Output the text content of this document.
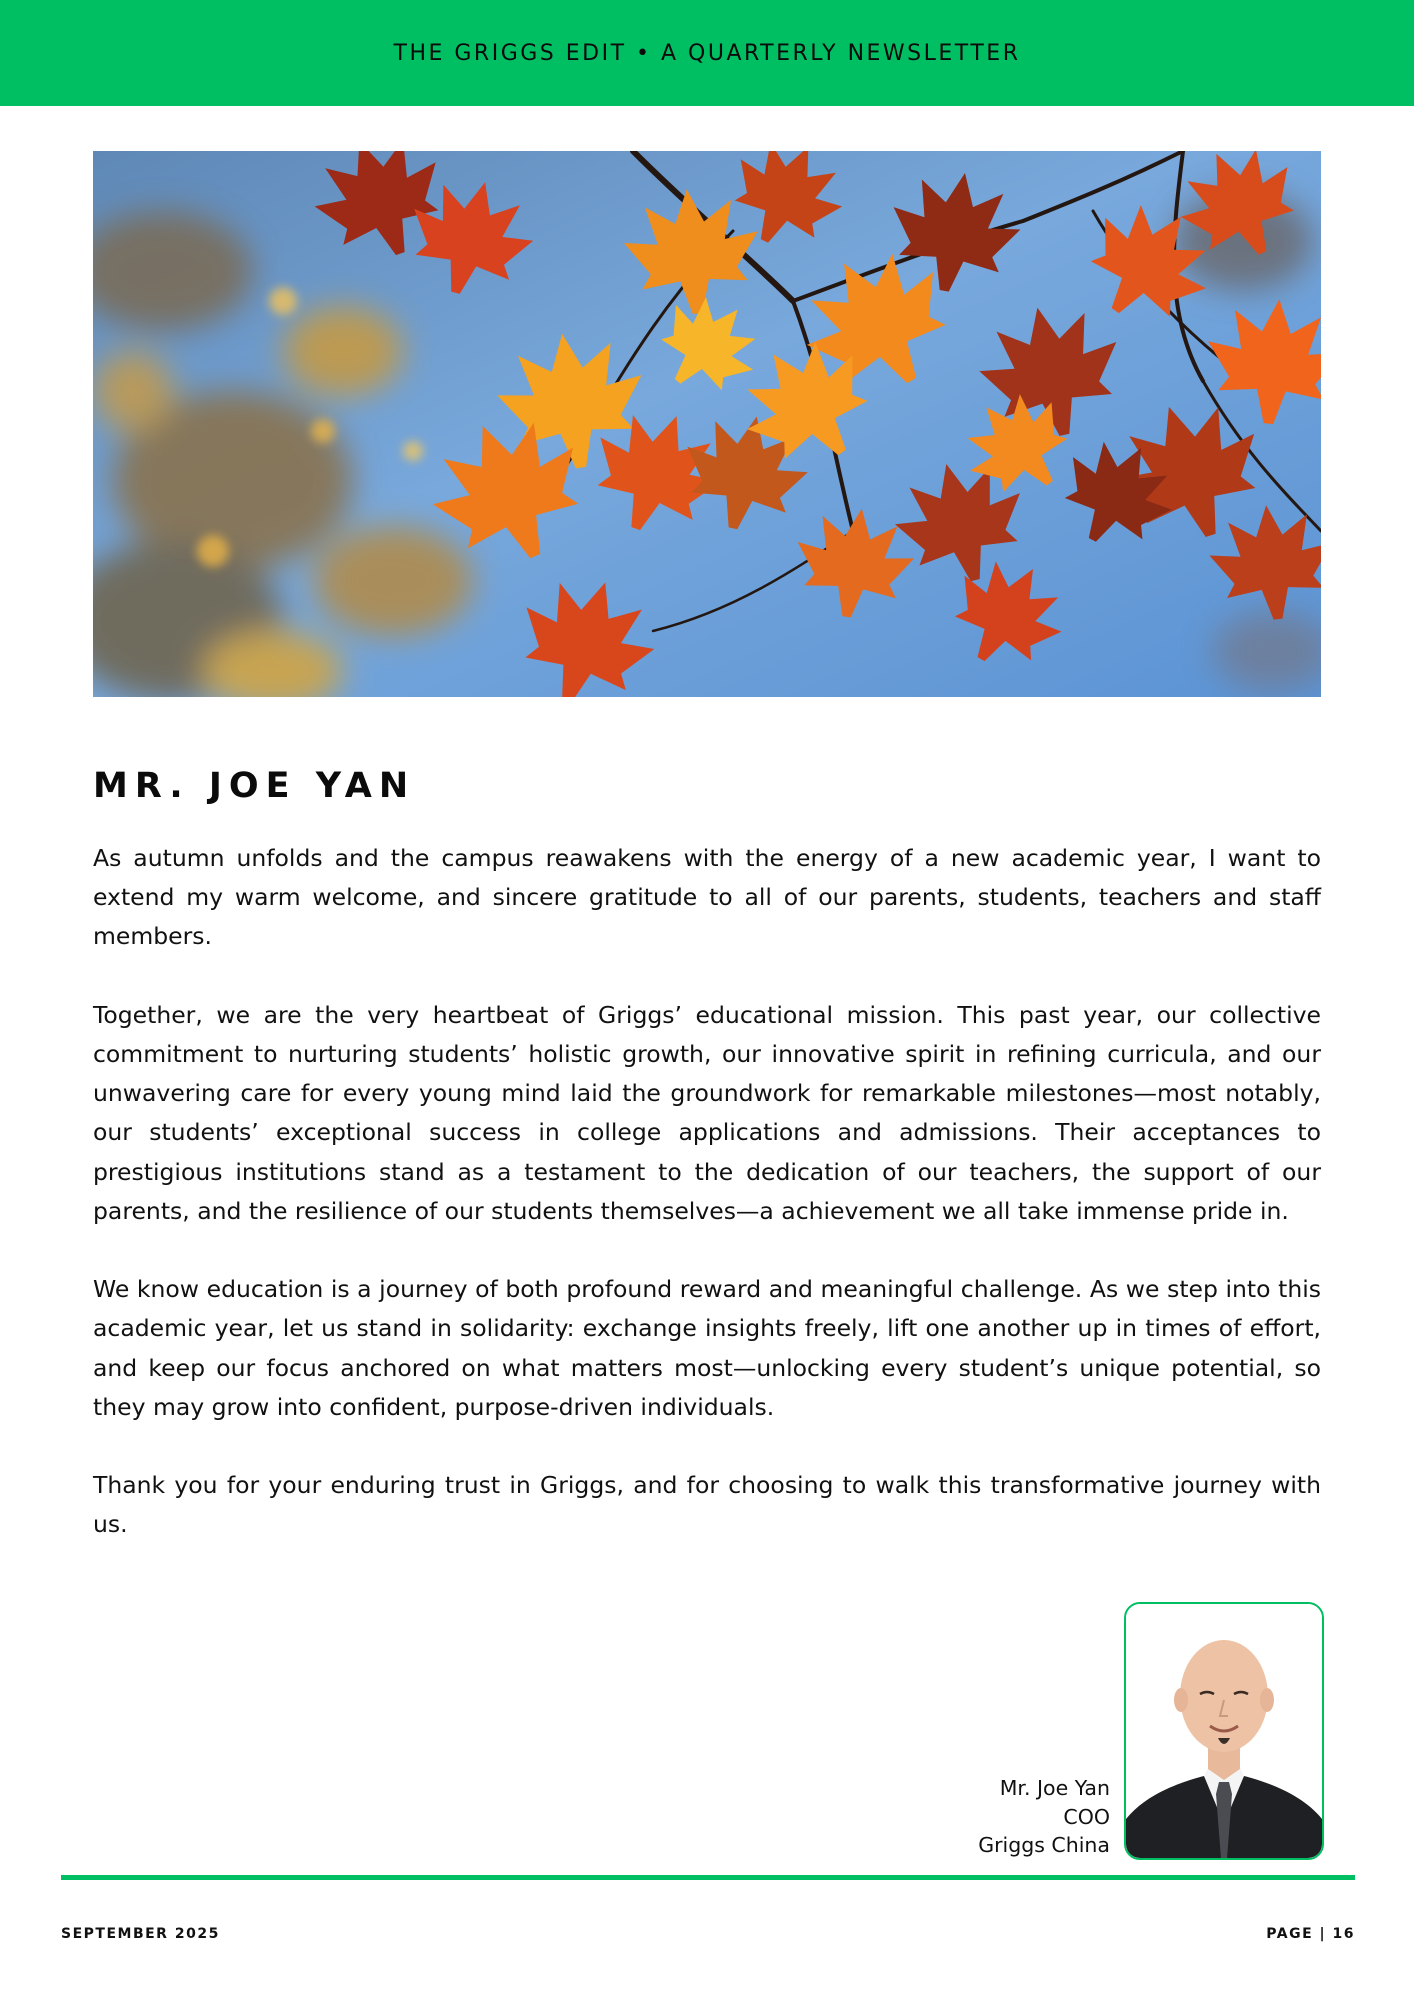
THE GRIGGS EDIT • A QUARTERLY NEWSLETTER
MR. JOE YAN

As autumn unfolds and the campus reawakens with the energy of a new academic year, I want to extend my warm welcome, and sincere gratitude to all of our parents, students, teachers and staff members.

Together, we are the very heartbeat of Griggs’ educational mission. This past year, our collective commitment to nurturing students’ holistic growth, our innovative spirit in refining curricula, and our unwavering care for every young mind laid the groundwork for remarkable milestones—most notably, our students’ exceptional success in college applications and admissions. Their acceptances to prestigious institutions stand as a testament to the dedication of our teachers, the support of our parents, and the resilience of our students themselves—a achievement we all take immense pride in.

We know education is a journey of both profound reward and meaningful challenge. As we step into this academic year, let us stand in solidarity: exchange insights freely, lift one another up in times of effort, and keep our focus anchored on what matters most—unlocking every student’s unique potential, so they may grow into confident, purpose-driven individuals.

Thank you for your enduring trust in Griggs, and for choosing to walk this transformative journey with us.

Mr. Joe Yan
COO
Griggs China
SEPTEMBER 2025	PAGE | 16
